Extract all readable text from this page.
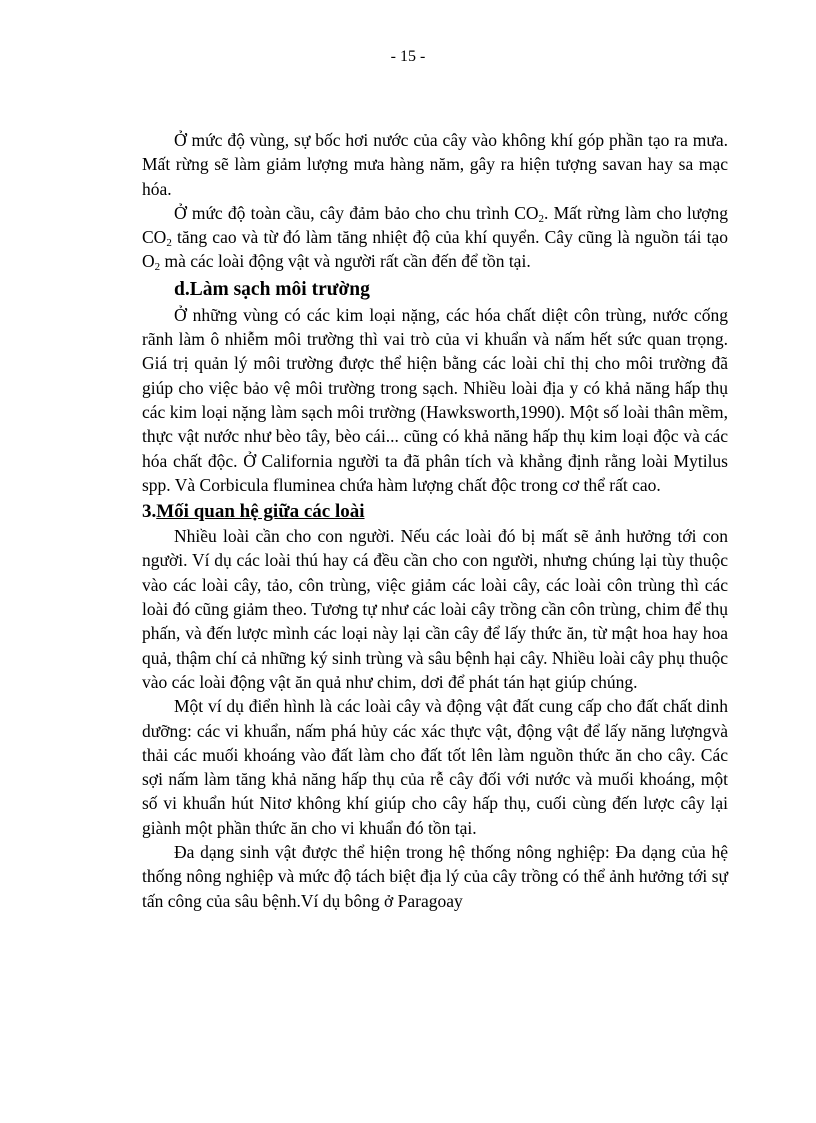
- 15 -

Ở mức độ vùng, sự bốc hơi nước của cây vào không khí góp phần tạo ra mưa. Mất rừng sẽ làm giảm lượng mưa hàng năm, gây ra hiện tượng savan hay sa mạc hóa.

Ở mức độ toàn cầu, cây đảm bảo cho chu trình $CO_2$. Mất rừng làm cho lượng $CO_2$ tăng cao và từ đó làm tăng nhiệt độ của khí quyển. Cây cũng là nguồn tái tạo $O_2$ mà các loài động vật và người rất cần đến để tồn tại.

d.Làm sạch môi trường

Ở những vùng có các kim loại nặng, các hóa chất diệt côn trùng, nước cống rãnh làm ô nhiễm môi trường thì vai trò của vi khuẩn và nấm hết sức quan trọng. Giá trị quản lý môi trường được thể hiện bằng các loài chỉ thị cho môi trường đã giúp cho việc bảo vệ môi trường trong sạch. Nhiều loài địa y có khả năng hấp thụ các kim loại nặng làm sạch môi trường (Hawksworth,1990). Một số loài thân mềm, thực vật nước như bèo tây, bèo cái... cũng có khả năng hấp thụ kim loại độc và các hóa chất độc. Ở California người ta đã phân tích và khẳng định rằng loài Mytilus spp. Và Corbicula fluminea chứa hàm lượng chất độc trong cơ thể rất cao.

3.Mối quan hệ giữa các loài

Nhiều loài cần cho con người. Nếu các loài đó bị mất sẽ ảnh hưởng tới con người. Ví dụ các loài thú hay cá đều cần cho con người, nhưng chúng lại tùy thuộc vào các loài cây, tảo, côn trùng, việc giảm các loài cây, các loài côn trùng thì các loài đó cũng giảm theo. Tương tự như các loài cây trồng cần côn trùng, chim để thụ phấn, và đến lược mình các loại này lại cần cây để lấy thức ăn, từ mật hoa hay hoa quả, thậm chí cả những ký sinh trùng và sâu bệnh hại cây. Nhiều loài cây phụ thuộc vào các loài động vật ăn quả như chim, dơi để phát tán hạt giúp chúng.

Một ví dụ điển hình là các loài cây và động vật đất cung cấp cho đất chất dinh dưỡng: các vi khuẩn, nấm phá hủy các xác thực vật, động vật để lấy năng lượngvà thải các muối khoáng vào đất làm cho đất tốt lên làm nguồn thức ăn cho cây. Các sợi nấm làm tăng khả năng hấp thụ của rễ cây đối với nước và muối khoáng, một số vi khuẩn hút Nitơ không khí giúp cho cây hấp thụ, cuối cùng đến lược cây lại giành một phần thức ăn cho vi khuẩn đó tồn tại.

Đa dạng sinh vật được thể hiện trong hệ thống nông nghiệp: Đa dạng của hệ thống nông nghiệp và mức độ tách biệt địa lý của cây trồng có thể ảnh hưởng tới sự tấn công của sâu bệnh.Ví dụ bông ở Paragoay
